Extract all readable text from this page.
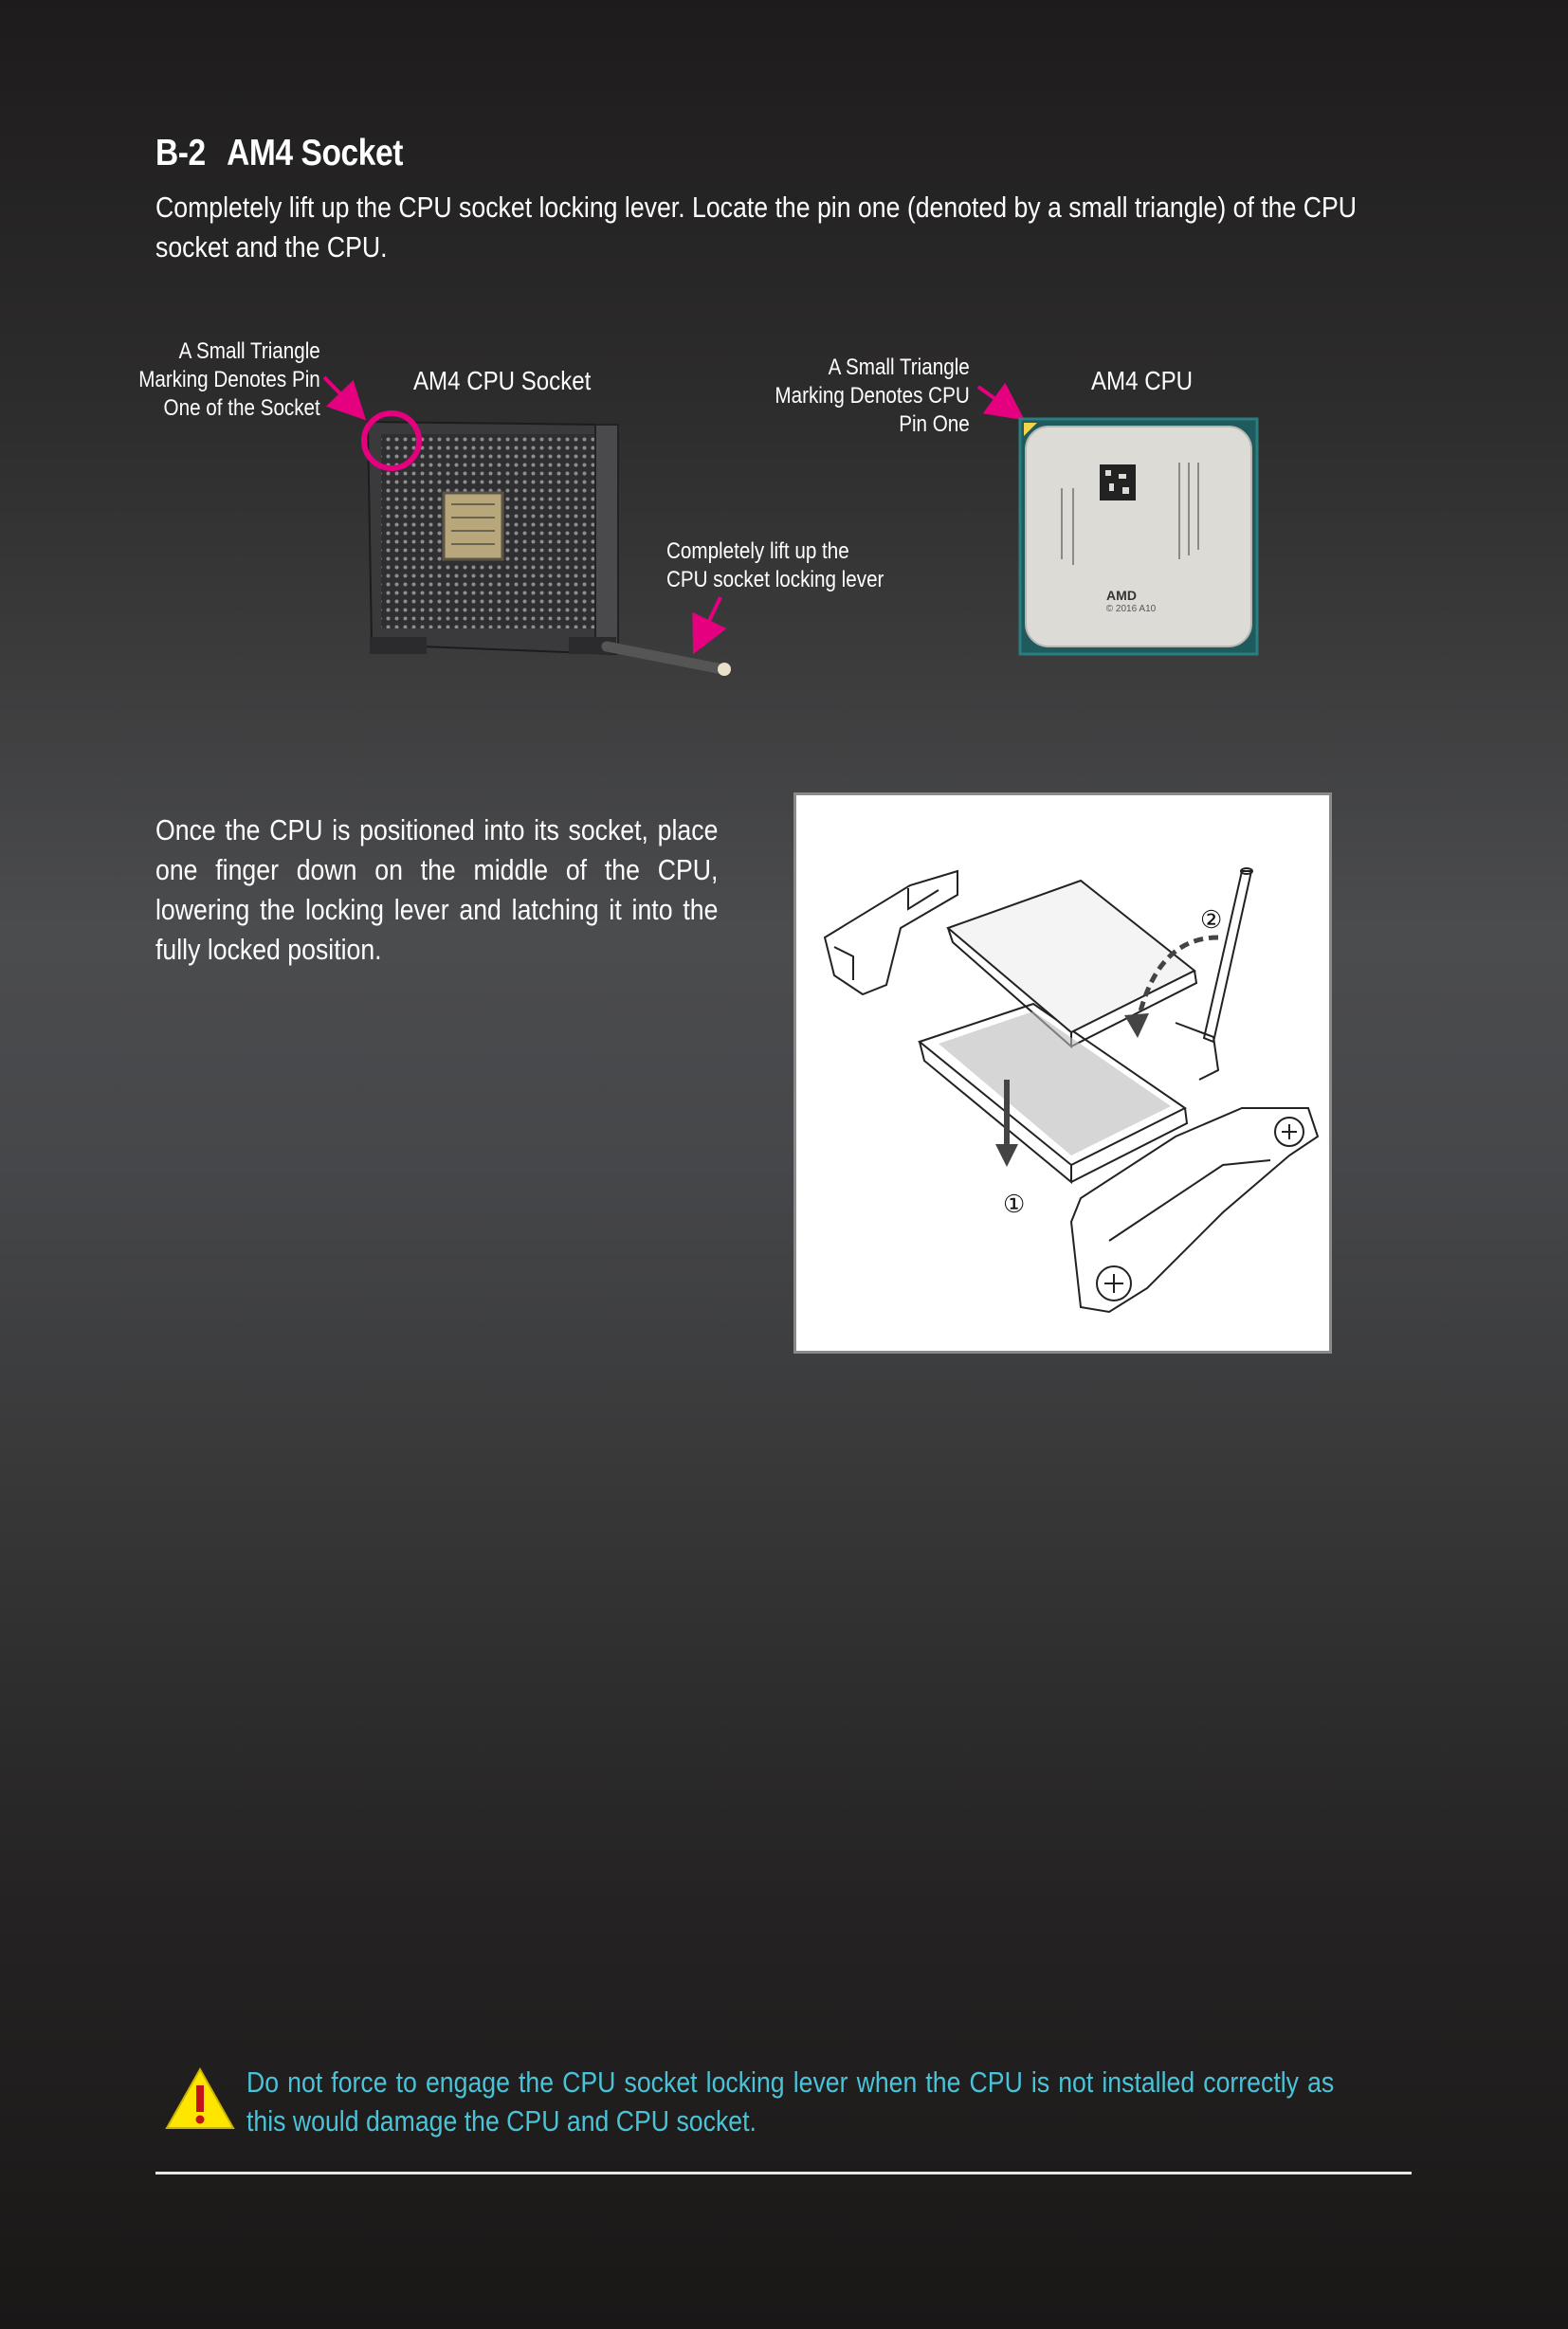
B-2 AM4 Socket

Completely lift up the CPU socket locking lever. Locate the pin one (denoted by a small triangle) of the CPU socket and the CPU.

A Small Triangle
Marking Denotes Pin
One of the Socket
AM4 CPU Socket
Completely lift up the
CPU socket locking lever
A Small Triangle
Marking Denotes CPU
Pin One
AM4 CPU
AMD
© 2016 A10

Once the CPU is positioned into its socket, place one finger down on the middle of the CPU, lowering the locking lever and latching it into the fully locked position.

①
②

Do not force to engage the CPU socket locking lever when the CPU is not installed correctly as this would damage the CPU and CPU socket.
